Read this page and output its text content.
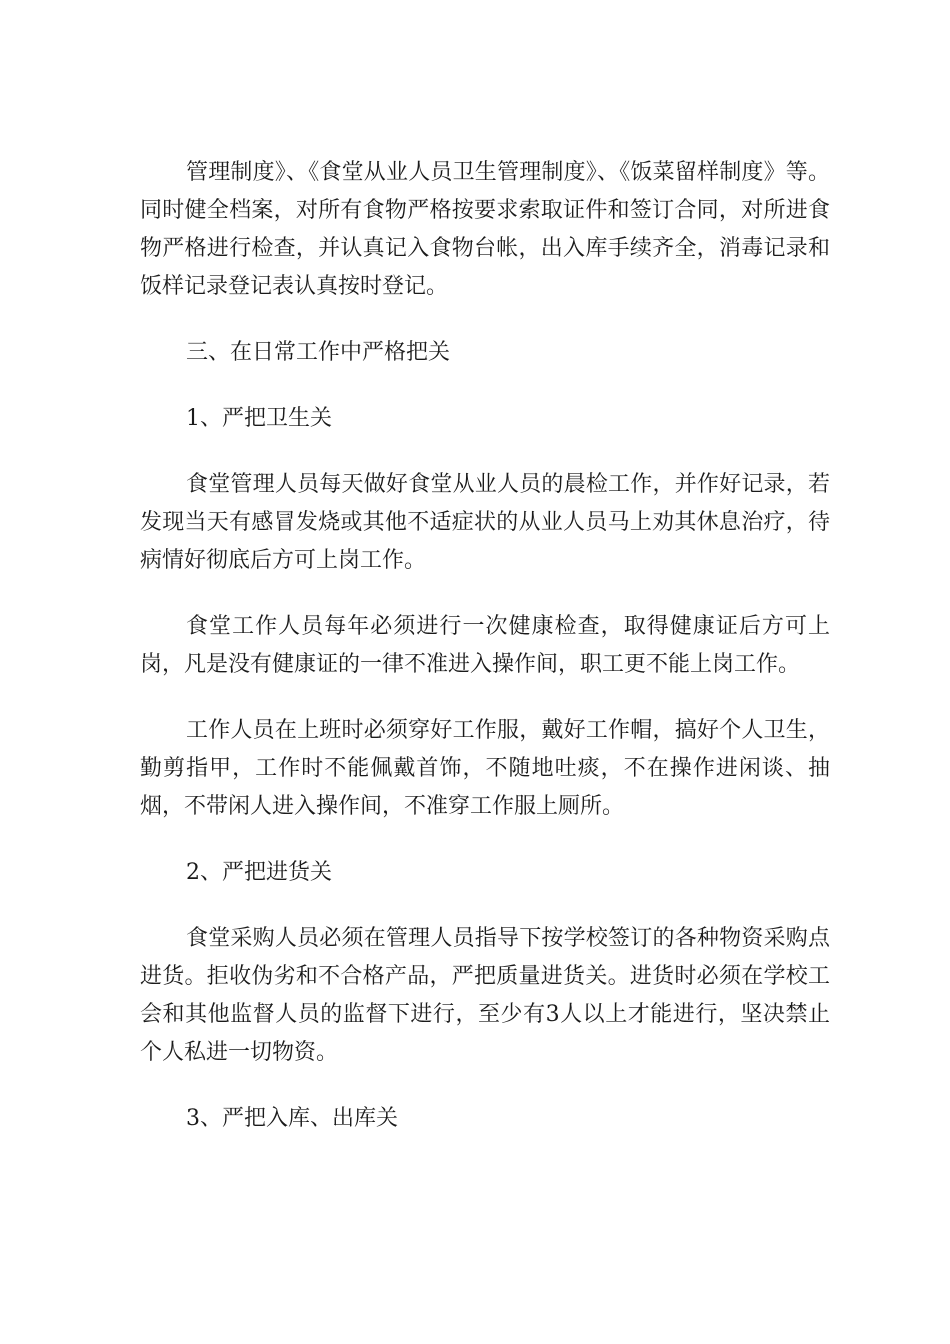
管理制度》、《食堂从业人员卫生管理制度》、《饭菜留样制度》等。同时健全档案，对所有食物严格按要求索取证件和签订合同，对所进食物严格进行检查，并认真记入食物台帐，出入库手续齐全，消毒记录和饭样记录登记表认真按时登记。

三、在日常工作中严格把关

1、严把卫生关

食堂管理人员每天做好食堂从业人员的晨检工作，并作好记录，若发现当天有感冒发烧或其他不适症状的从业人员马上劝其休息治疗，待病情好彻底后方可上岗工作。

食堂工作人员每年必须进行一次健康检查，取得健康证后方可上岗，凡是没有健康证的一律不准进入操作间，职工更不能上岗工作。

工作人员在上班时必须穿好工作服，戴好工作帽，搞好个人卫生，勤剪指甲，工作时不能佩戴首饰，不随地吐痰，不在操作进闲谈、抽烟，不带闲人进入操作间，不准穿工作服上厕所。

2、严把进货关

食堂采购人员必须在管理人员指导下按学校签订的各种物资采购点进货。拒收伪劣和不合格产品，严把质量进货关。进货时必须在学校工会和其他监督人员的监督下进行，至少有3人以上才能进行，坚决禁止个人私进一切物资。

3、严把入库、出库关
